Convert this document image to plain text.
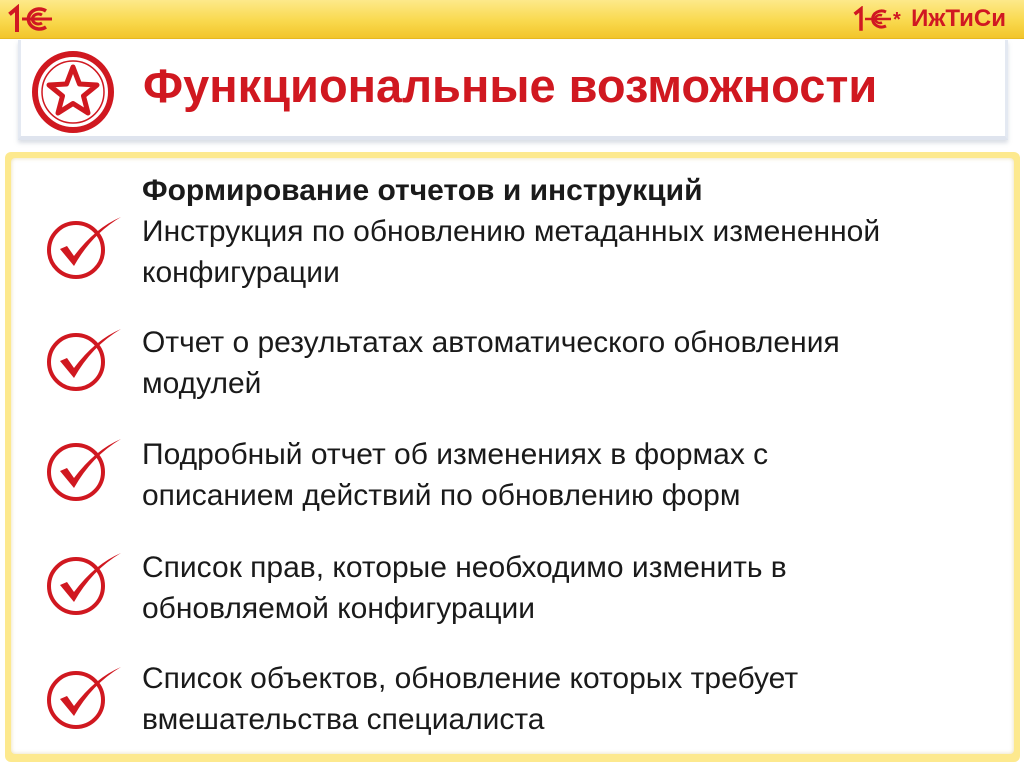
* ИжТиСи
Функциональные возможности
Формирование отчетов и инструкций
Инструкция по обновлению метаданных измененной
конфигурации
Отчет о результатах автоматического обновления
модулей
Подробный отчет об изменениях в формах с
описанием действий по обновлению форм
Список прав, которые необходимо изменить в
обновляемой конфигурации
Список объектов, обновление которых требует
вмешательства специалиста
